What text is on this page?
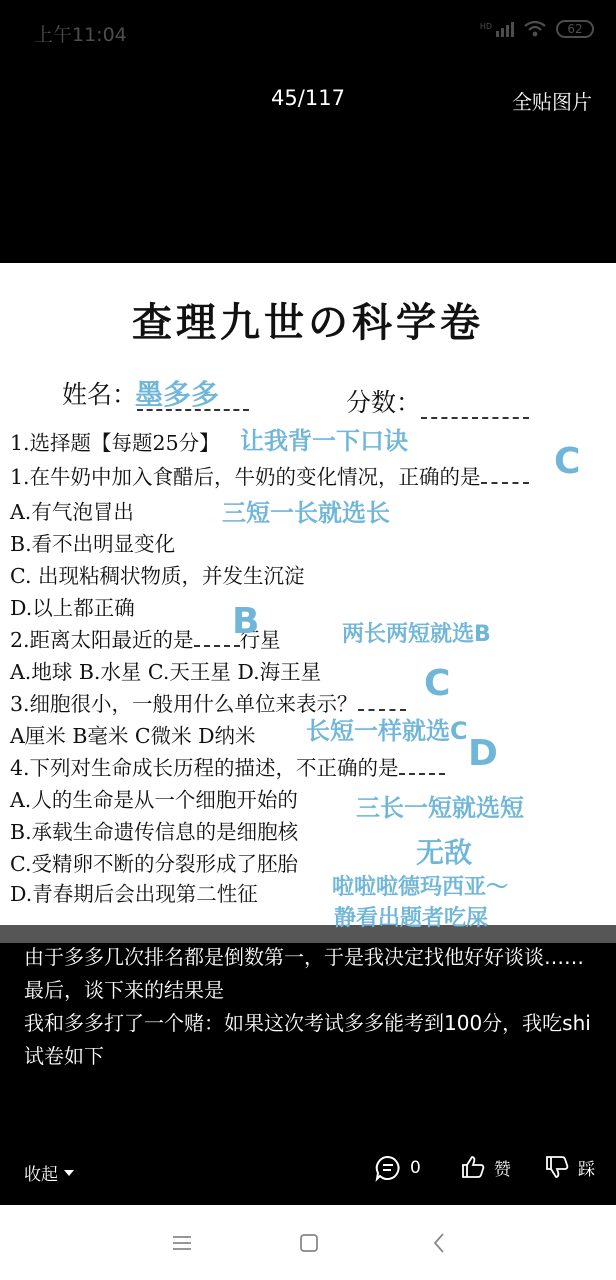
上午11:04	HD	62
45/117	全贴图片
查理九世の科学卷
姓名：
墨多多	分数：
1.选择题【每题25分】
1.在牛奶中加入食醋后，牛奶的变化情况，正确的是
A.有气泡冒出
B.看不出明显变化
C. 出现粘稠状物质，并发生沉淀
D.以上都正确
2.距离太阳最近的是 行星
A.地球 B.水星 C.天王星 D.海王星
3.细胞很小，一般用什么单位来表示？
A厘米 B毫米 C微米 D纳米
4.下列对生命成长历程的描述，不正确的是
A.人的生命是从一个细胞开始的
B.承载生命遗传信息的是细胞核
C.受精卵不断的分裂形成了胚胎
D.青春期后会出现第二性征
C
B
C
D
让我背一下口诀
三短一长就选长
两长两短就选B
长短一样就选C
三长一短就选短
无敌
啦啦啦德玛西亚～
静看出题者吃屎

由于多多几次排名都是倒数第一，于是我决定找他好好谈谈……

最后，谈下来的结果是

我和多多打了一个赌：如果这次考试多多能考到100分，我吃shi

试卷如下

收起	0	赞	踩
